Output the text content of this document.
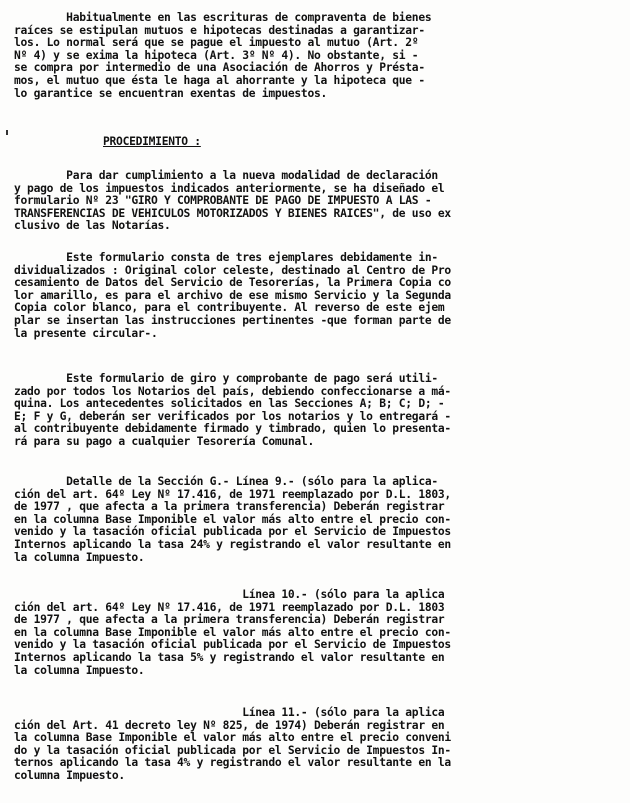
Habitualmente en las escrituras de compraventa de bienes
raíces se estipulan mutuos e hipotecas destinadas a garantizar-
los. Lo normal será que se pague el impuesto al mutuo (Art. 2º
Nº 4) y se exima la hipoteca (Art. 3º Nº 4). No obstante, si -
se compra por intermedio de una Asociación de Ahorros y Présta-
mos, el mutuo que ésta le haga al ahorrante y la hipoteca que -
lo garantice se encuentran exentas de impuestos.
PROCEDIMIENTO :
Para dar cumplimiento a la nueva modalidad de declaración
y pago de los impuestos indicados anteriormente, se ha diseñado el
formulario Nº 23 "GIRO Y COMPROBANTE DE PAGO DE IMPUESTO A LAS -
TRANSFERENCIAS DE VEHICULOS MOTORIZADOS Y BIENES RAICES", de uso ex
clusivo de las Notarías.
Este formulario consta de tres ejemplares debidamente in-
dividualizados : Original color celeste, destinado al Centro de Pro
cesamiento de Datos del Servicio de Tesorerías, la Primera Copia co
lor amarillo, es para el archivo de ese mismo Servicio y la Segunda
Copia color blanco, para el contribuyente. Al reverso de este ejem
plar se insertan las instrucciones pertinentes -que forman parte de
la presente circular-.
Este formulario de giro y comprobante de pago será utili-
zado por todos los Notarios del país, debiendo confeccionarse a má-
quina. Los antecedentes solicitados en las Secciones A; B; C; D; -
E; F y G, deberán ser verificados por los notarios y lo entregará -
al contribuyente debidamente firmado y timbrado, quien lo presenta-
rá para su pago a cualquier Tesorería Comunal.
Detalle de la Sección G.- Línea 9.- (sólo para la aplica-
ción del art. 64º Ley Nº 17.416, de 1971 reemplazado por D.L. 1803,
de 1977 , que afecta a la primera transferencia) Deberán registrar
en la columna Base Imponible el valor más alto entre el precio con-
venido y la tasación oficial publicada por el Servicio de Impuestos
Internos aplicando la tasa 24% y registrando el valor resultante en
la columna Impuesto.
Línea 10.- (sólo para la aplica
ción del art. 64º Ley Nº 17.416, de 1971 reemplazado por D.L. 1803
de 1977 , que afecta a la primera transferencia) Deberán registrar
en la columna Base Imponible el valor más alto entre el precio con-
venido y la tasación oficial publicada por el Servicio de Impuestos
Internos aplicando la tasa 5% y registrando el valor resultante en
la columna Impuesto.
Línea 11.- (sólo para la aplica
ción del Art. 41 decreto ley Nº 825, de 1974) Deberán registrar en
la columna Base Imponible el valor más alto entre el precio conveni
do y la tasación oficial publicada por el Servicio de Impuestos In-
ternos aplicando la tasa 4% y registrando el valor resultante en la
columna Impuesto.
